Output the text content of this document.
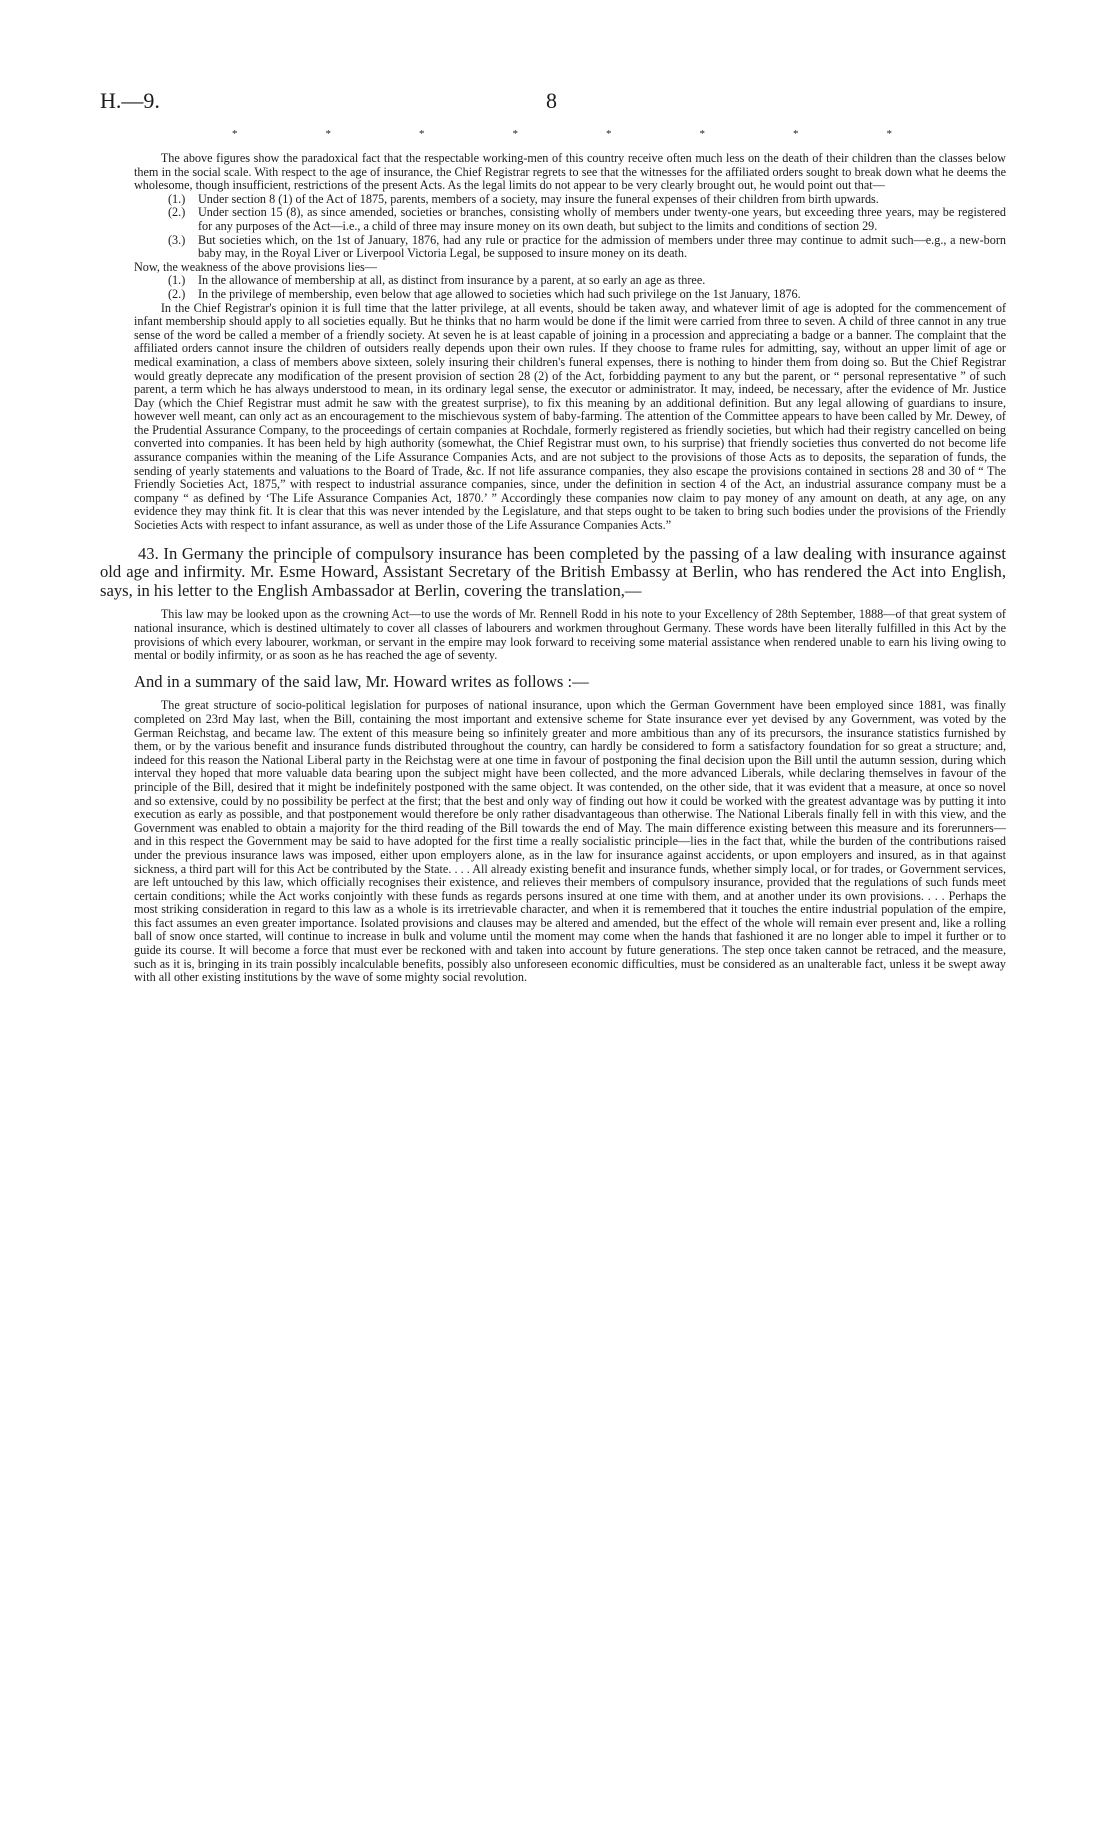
H.—9.	8
*	*	*	*	*	*	*	*

The above figures show the paradoxical fact that the respectable working-men of this country receive often much less on the death of their children than the classes below them in the social scale. With respect to the age of insurance, the Chief Registrar regrets to see that the witnesses for the affiliated orders sought to break down what he deems the wholesome, though insufficient, restrictions of the present Acts. As the legal limits do not appear to be very clearly brought out, he would point out that—

(1.)	Under section 8 (1) of the Act of 1875, parents, members of a society, may insure the funeral expenses of their children from birth upwards.
(2.)	Under section 15 (8), as since amended, societies or branches, consisting wholly of members under twenty-one years, but exceeding three years, may be registered for any purposes of the Act—i.e., a child of three may insure money on its own death, but subject to the limits and conditions of section 29.
(3.)	But societies which, on the 1st of January, 1876, had any rule or practice for the admission of members under three may continue to admit such—e.g., a new-born baby may, in the Royal Liver or Liverpool Victoria Legal, be supposed to insure money on its death.

Now, the weakness of the above provisions lies—

(1.)	In the allowance of membership at all, as distinct from insurance by a parent, at so early an age as three.
(2.)	In the privilege of membership, even below that age allowed to societies which had such privilege on the 1st January, 1876.

In the Chief Registrar's opinion it is full time that the latter privilege, at all events, should be taken away, and whatever limit of age is adopted for the commencement of infant membership should apply to all societies equally. But he thinks that no harm would be done if the limit were carried from three to seven. A child of three cannot in any true sense of the word be called a member of a friendly society. At seven he is at least capable of joining in a procession and appreciating a badge or a banner. The complaint that the affiliated orders cannot insure the children of outsiders really depends upon their own rules. If they choose to frame rules for admitting, say, without an upper limit of age or medical examination, a class of members above sixteen, solely insuring their children's funeral expenses, there is nothing to hinder them from doing so. But the Chief Registrar would greatly deprecate any modification of the present provision of section 28 (2) of the Act, forbidding payment to any but the parent, or “ personal representative ” of such parent, a term which he has always understood to mean, in its ordinary legal sense, the executor or administrator. It may, indeed, be necessary, after the evidence of Mr. Justice Day (which the Chief Registrar must admit he saw with the greatest surprise), to fix this meaning by an additional definition. But any legal allowing of guardians to insure, however well meant, can only act as an encouragement to the mischievous system of baby-farming. The attention of the Committee appears to have been called by Mr. Dewey, of the Prudential Assurance Company, to the proceedings of certain companies at Rochdale, formerly registered as friendly societies, but which had their registry cancelled on being converted into companies. It has been held by high authority (somewhat, the Chief Registrar must own, to his surprise) that friendly societies thus converted do not become life assurance companies within the meaning of the Life Assurance Companies Acts, and are not subject to the provisions of those Acts as to deposits, the separation of funds, the sending of yearly statements and valuations to the Board of Trade, &c. If not life assurance companies, they also escape the provisions contained in sections 28 and 30 of “ The Friendly Societies Act, 1875,” with respect to industrial assurance companies, since, under the definition in section 4 of the Act, an industrial assurance company must be a company “ as defined by ‘The Life Assurance Companies Act, 1870.’ ” Accordingly these companies now claim to pay money of any amount on death, at any age, on any evidence they may think fit. It is clear that this was never intended by the Legislature, and that steps ought to be taken to bring such bodies under the provisions of the Friendly Societies Acts with respect to infant assurance, as well as under those of the Life Assurance Companies Acts.”

43. In Germany the principle of compulsory insurance has been completed by the passing of a law dealing with insurance against old age and infirmity. Mr. Esme Howard, Assistant Secretary of the British Embassy at Berlin, who has rendered the Act into English, says, in his letter to the English Ambassador at Berlin, covering the translation,—

This law may be looked upon as the crowning Act—to use the words of Mr. Rennell Rodd in his note to your Excellency of 28th September, 1888—of that great system of national insurance, which is destined ultimately to cover all classes of labourers and workmen throughout Germany. These words have been literally fulfilled in this Act by the provisions of which every labourer, workman, or servant in the empire may look forward to receiving some material assistance when rendered unable to earn his living owing to mental or bodily infirmity, or as soon as he has reached the age of seventy.

And in a summary of the said law, Mr. Howard writes as follows :—

The great structure of socio-political legislation for purposes of national insurance, upon which the German Government have been employed since 1881, was finally completed on 23rd May last, when the Bill, containing the most important and extensive scheme for State insurance ever yet devised by any Government, was voted by the German Reichstag, and became law. The extent of this measure being so infinitely greater and more ambitious than any of its precursors, the insurance statistics furnished by them, or by the various benefit and insurance funds distributed throughout the country, can hardly be considered to form a satisfactory foundation for so great a structure; and, indeed for this reason the National Liberal party in the Reichstag were at one time in favour of postponing the final decision upon the Bill until the autumn session, during which interval they hoped that more valuable data bearing upon the subject might have been collected, and the more advanced Liberals, while declaring themselves in favour of the principle of the Bill, desired that it might be indefinitely postponed with the same object. It was contended, on the other side, that it was evident that a measure, at once so novel and so extensive, could by no possibility be perfect at the first; that the best and only way of finding out how it could be worked with the greatest advantage was by putting it into execution as early as possible, and that postponement would therefore be only rather disadvantageous than otherwise. The National Liberals finally fell in with this view, and the Government was enabled to obtain a majority for the third reading of the Bill towards the end of May. The main difference existing between this measure and its forerunners—and in this respect the Government may be said to have adopted for the first time a really socialistic principle—lies in the fact that, while the burden of the contributions raised under the previous insurance laws was imposed, either upon employers alone, as in the law for insurance against accidents, or upon employers and insured, as in that against sickness, a third part will for this Act be contributed by the State. . . . All already existing benefit and insurance funds, whether simply local, or for trades, or Government services, are left untouched by this law, which officially recognises their existence, and relieves their members of compulsory insurance, provided that the regulations of such funds meet certain conditions; while the Act works conjointly with these funds as regards persons insured at one time with them, and at another under its own provisions. . . . Perhaps the most striking consideration in regard to this law as a whole is its irretrievable character, and when it is remembered that it touches the entire industrial population of the empire, this fact assumes an even greater importance. Isolated provisions and clauses may be altered and amended, but the effect of the whole will remain ever present and, like a rolling ball of snow once started, will continue to increase in bulk and volume until the moment may come when the hands that fashioned it are no longer able to impel it further or to guide its course. It will become a force that must ever be reckoned with and taken into account by future generations. The step once taken cannot be retraced, and the measure, such as it is, bringing in its train possibly incalculable benefits, possibly also unforeseen economic difficulties, must be considered as an unalterable fact, unless it be swept away with all other existing institutions by the wave of some mighty social revolution.
